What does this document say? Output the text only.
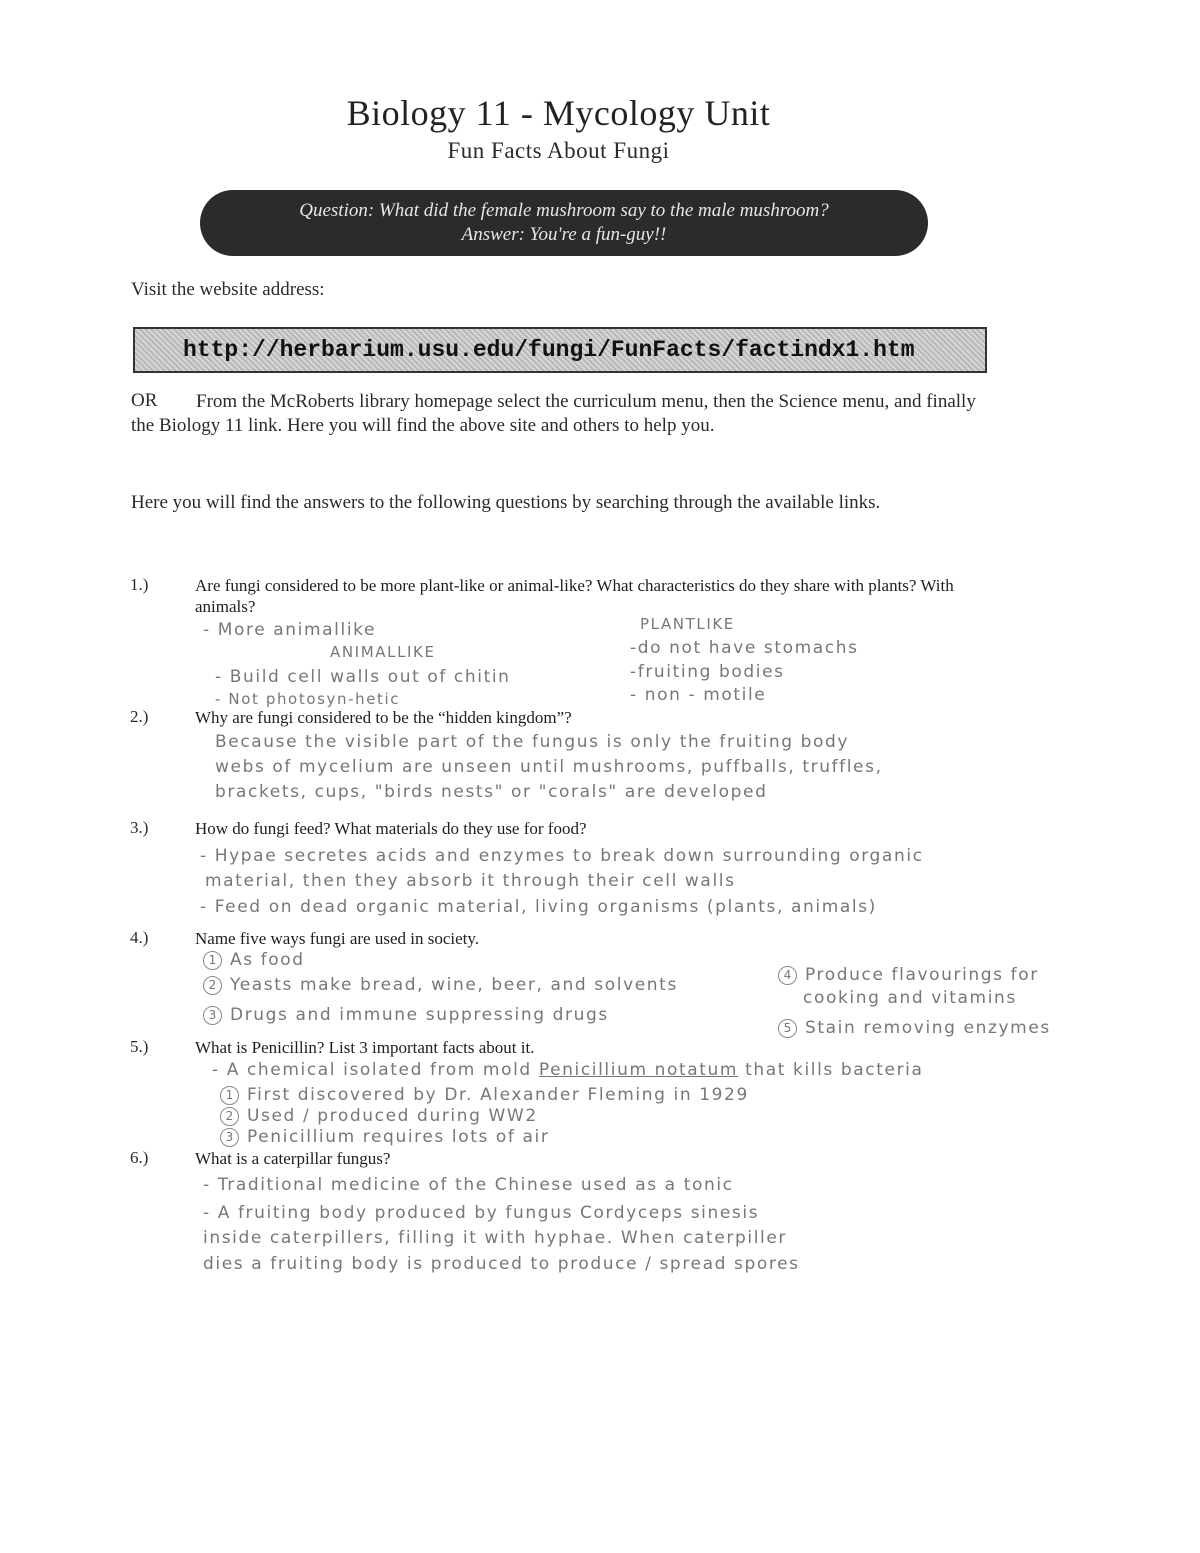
Biology 11 - Mycology Unit
Fun Facts About Fungi
Question: What did the female mushroom say to the male mushroom?
Answer: You're a fun-guy!!
Visit the website address:
http://herbarium.usu.edu/fungi/FunFacts/factindx1.htm
OR	From the McRoberts library homepage select the curriculum menu, then the Science menu, and finally the Biology 11 link. Here you will find the above site and others to help you.
Here you will find the answers to the following questions by searching through the available links.
1.)	Are fungi considered to be more plant-like or animal-like? What characteristics do they share with plants? With animals?
- More animallike
ANIMALLIKE
- Build cell walls out of chitin
- Not photosyn-hetic
PLANTLIKE
-do not have stomachs
-fruiting bodies
- non - motile
2.)	Why are fungi considered to be the “hidden kingdom”?
Because the visible part of the fungus is only the fruiting body
webs of mycelium are unseen until mushrooms, puffballs, truffles,
brackets, cups, "birds nests" or "corals" are developed
3.)	How do fungi feed? What materials do they use for food?
- Hypae secretes acids and enzymes to break down surrounding organic
material, then they absorb it through their cell walls
- Feed on dead organic material, living organisms (plants, animals)
4.)	Name five ways fungi are used in society.
1 As food
2 Yeasts make bread, wine, beer, and solvents
3 Drugs and immune suppressing drugs
4 Produce flavourings for
cooking and vitamins
5 Stain removing enzymes
5.)	What is Penicillin? List 3 important facts about it.
- A chemical isolated from mold Penicillium notatum that kills bacteria
1 First discovered by Dr. Alexander Fleming in 1929
2 Used / produced during WW2
3 Penicillium requires lots of air
6.)	What is a caterpillar fungus?
- Traditional medicine of the Chinese used as a tonic
- A fruiting body produced by fungus Cordyceps sinesis
inside caterpillers, filling it with hyphae. When caterpiller
dies a fruiting body is produced to produce / spread spores
